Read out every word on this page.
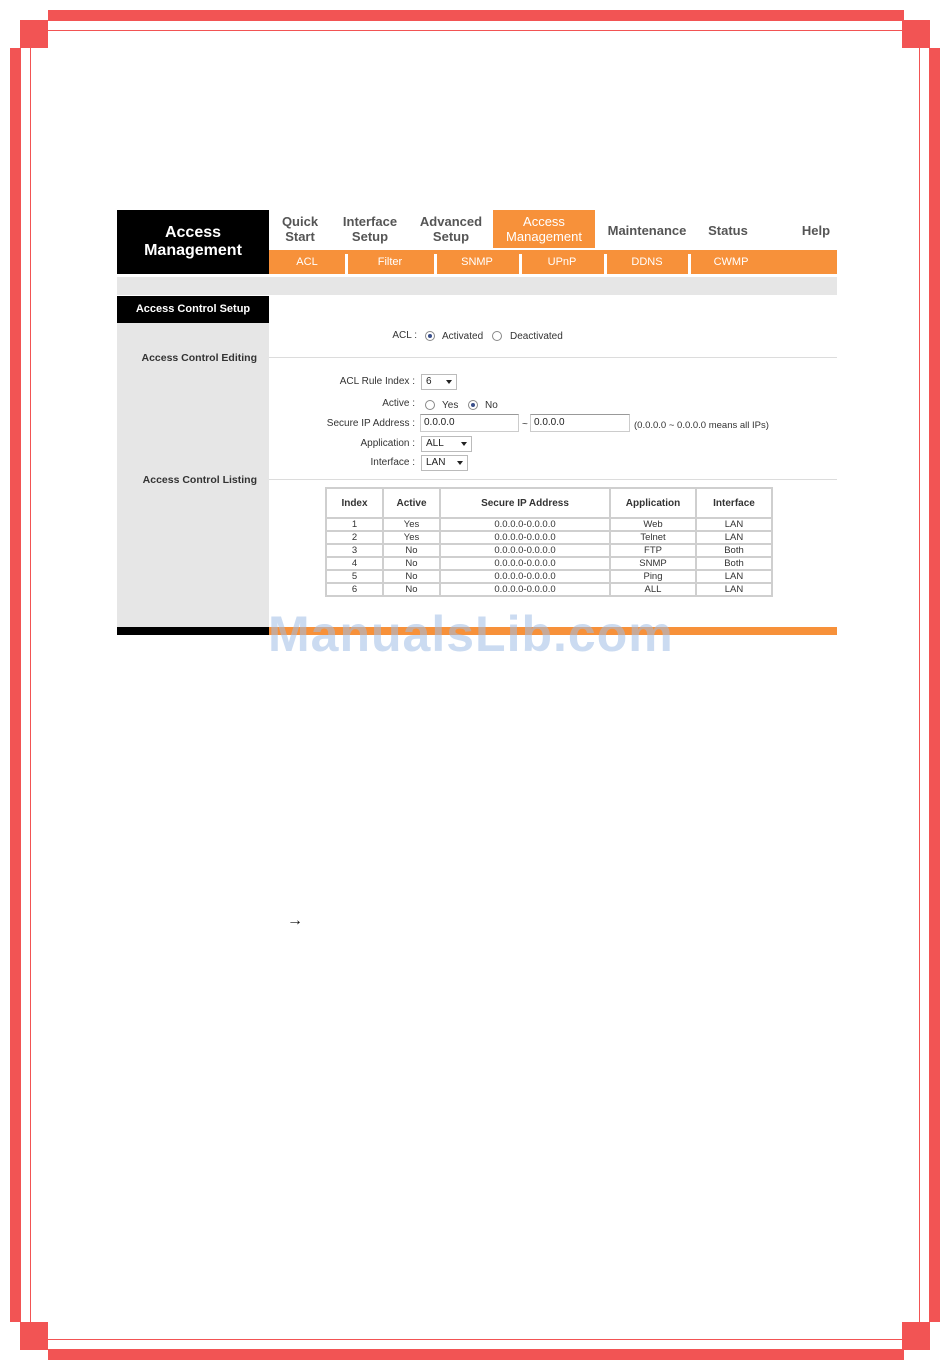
Access
Management
Quick
Start
Interface
Setup
Advanced
Setup
Access
Management Maintenance Status	Help
ACL	Filter	SNMP	UPnP	DDNS	CWMP
Access Control Setup
Access Control Editing
Access Control Listing
ACL :	Activated	Deactivated
ACL Rule Index :	6
Active :	Yes	No
Secure IP Address : 0.0.0.0	~ 0.0.0.0	(0.0.0.0 ~ 0.0.0.0 means all IPs)
Application :	ALL
Interface :	LAN
Index	Active	Secure IP Address	Application	Interface
1	Yes	0.0.0.0-0.0.0.0	Web	LAN
2	Yes	0.0.0.0-0.0.0.0	Telnet	LAN
3	No	0.0.0.0-0.0.0.0	FTP	Both
4	No	0.0.0.0-0.0.0.0	SNMP	Both
5	No	0.0.0.0-0.0.0.0	Ping	LAN
6	No	0.0.0.0-0.0.0.0	ALL	LAN
ManualsLib.com
→
